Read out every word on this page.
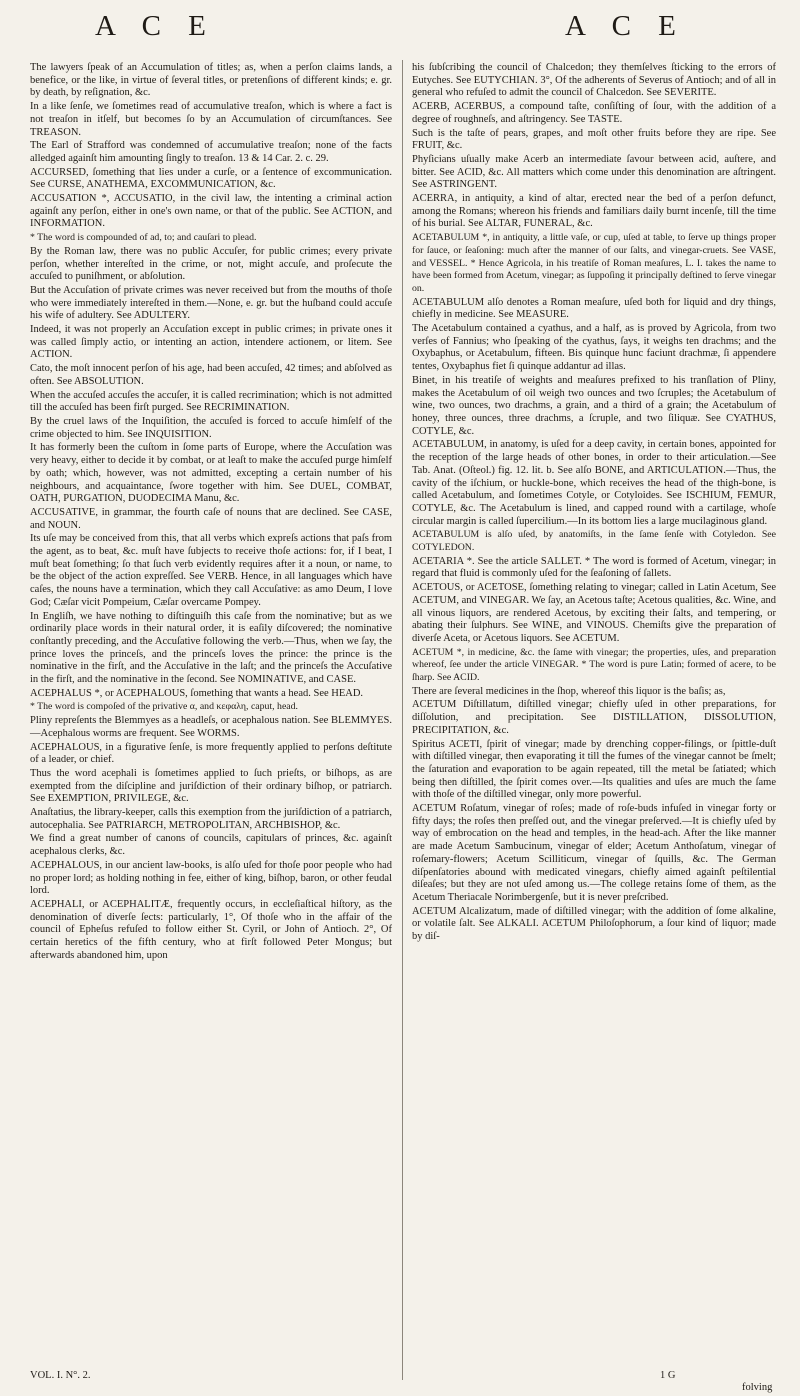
A C E	A C E

The lawyers ſpeak of an Accumulation of titles; as, when a perſon claims lands, a benefice, or the like, in virtue of ſeveral titles, or pretenſions of different kinds; e. gr. by death, by reſignation, &c.

In a like ſenſe, we ſometimes read of accumulative treaſon, which is where a fact is not treaſon in itſelf, but becomes ſo by an Accumulation of circumſtances. See TREASON.

The Earl of Strafford was condemned of accumulative treaſon; none of the facts alledged againſt him amounting ſingly to treaſon. 13 & 14 Car. 2. c. 29.

ACCURSED, ſomething that lies under a curſe, or a ſentence of excommunication. See CURSE, ANATHEMA, EXCOMMUNICATION, &c.

ACCUSATION *, ACCUSATIO, in the civil law, the intenting a criminal action againſt any perſon, either in one's own name, or that of the public. See ACTION, and INFORMATION.

* The word is compounded of ad, to; and cauſari to plead.

By the Roman law, there was no public Accuſer, for public crimes; every private perſon, whether intereſted in the crime, or not, might accuſe, and proſecute the accuſed to puniſhment, or abſolution.

But the Accuſation of private crimes was never received but from the mouths of thoſe who were immediately intereſted in them.—None, e. gr. but the huſband could accuſe his wife of adultery. See ADULTERY.

Indeed, it was not properly an Accuſation except in public crimes; in private ones it was called ſimply actio, or intenting an action, intendere actionem, or litem. See ACTION.

Cato, the moſt innocent perſon of his age, had been accuſed, 42 times; and abſolved as often. See ABSOLUTION.

When the accuſed accuſes the accuſer, it is called recrimination; which is not admitted till the accuſed has been firſt purged. See RECRIMINATION.

By the cruel laws of the Inquiſition, the accuſed is forced to accuſe himſelf of the crime objected to him. See INQUISITION.

It has formerly been the cuſtom in ſome parts of Europe, where the Accuſation was very heavy, either to decide it by combat, or at leaſt to make the accuſed purge himſelf by oath; which, however, was not admitted, excepting a certain number of his neighbours, and acquaintance, ſwore together with him. See DUEL, COMBAT, OATH, PURGATION, DUODECIMA Manu, &c.

ACCUSATIVE, in grammar, the fourth caſe of nouns that are declined. See CASE, and NOUN.

Its uſe may be conceived from this, that all verbs which expreſs actions that paſs from the agent, as to beat, &c. muſt have ſubjects to receive thoſe actions: for, if I beat, I muſt beat ſomething; ſo that ſuch verb evidently requires after it a noun, or name, to be the object of the action expreſſed. See VERB. Hence, in all languages which have caſes, the nouns have a termination, which they call Accuſative: as amo Deum, I love God; Cæſar vicit Pompeium, Cæſar overcame Pompey.

In Engliſh, we have nothing to diſtinguiſh this caſe from the nominative; but as we ordinarily place words in their natural order, it is eaſily diſcovered; the nominative conſtantly preceding, and the Accuſative following the verb.—Thus, when we ſay, the prince loves the princeſs, and the princeſs loves the prince: the prince is the nominative in the firſt, and the Accuſative in the laſt; and the princeſs the Accuſative in the firſt, and the nominative in the ſecond. See NOMINATIVE, and CASE.

ACEPHALUS *, or ACEPHALOUS, ſomething that wants a head. See HEAD.

* The word is compoſed of the privative α, and κεφαλη, caput, head.

Pliny repreſents the Blemmyes as a headleſs, or acephalous nation. See BLEMMYES.—Acephalous worms are frequent. See WORMS.

ACEPHALOUS, in a figurative ſenſe, is more frequently applied to perſons deſtitute of a leader, or chief.

Thus the word acephali is ſometimes applied to ſuch prieſts, or biſhops, as are exempted from the diſcipline and juriſdiction of their ordinary biſhop, or patriarch. See EXEMPTION, PRIVILEGE, &c.

Anaſtatius, the library-keeper, calls this exemption from the juriſdiction of a patriarch, autocephalia. See PATRIARCH, METROPOLITAN, ARCHBISHOP, &c.

We find a great number of canons of councils, capitulars of princes, &c. againſt acephalous clerks, &c.

ACEPHALOUS, in our ancient law-books, is alſo uſed for thoſe poor people who had no proper lord; as holding nothing in fee, either of king, biſhop, baron, or other feudal lord.

ACEPHALI, or ACEPHALITÆ, frequently occurs, in eccleſiaſtical hiſtory, as the denomination of diverſe ſects: particularly, 1°, Of thoſe who in the affair of the council of Epheſus refuſed to follow either St. Cyril, or John of Antioch. 2°, Of certain heretics of the fifth century, who at firſt followed Peter Mongus; but afterwards abandoned him, upon

his ſubſcribing the council of Chalcedon; they themſelves ſticking to the errors of Eutyches. See EUTYCHIAN. 3°, Of the adherents of Severus of Antioch; and of all in general who refuſed to admit the council of Chalcedon. See SEVERITE.

ACERB, ACERBUS, a compound taſte, conſiſting of ſour, with the addition of a degree of roughneſs, and aſtringency. See TASTE.

Such is the taſte of pears, grapes, and moſt other fruits before they are ripe. See FRUIT, &c.

Phyſicians uſually make Acerb an intermediate ſavour between acid, auſtere, and bitter. See ACID, &c. All matters which come under this denomination are aſtringent. See ASTRINGENT.

ACERRA, in antiquity, a kind of altar, erected near the bed of a perſon defunct, among the Romans; whereon his friends and familiars daily burnt incenſe, till the time of his burial. See ALTAR, FUNERAL, &c.

ACETABULUM *, in antiquity, a little vaſe, or cup, uſed at table, to ſerve up things proper for ſauce, or ſeaſoning: much after the manner of our ſalts, and vinegar-cruets. See VASE, and VESSEL. * Hence Agricola, in his treatiſe of Roman meaſures, L. I. takes the name to have been formed from Acetum, vinegar; as ſuppoſing it principally deſtined to ſerve vinegar on.

ACETABULUM alſo denotes a Roman meaſure, uſed both for liquid and dry things, chiefly in medicine. See MEASURE.

The Acetabulum contained a cyathus, and a half, as is proved by Agricola, from two verſes of Fannius; who ſpeaking of the cyathus, ſays, it weighs ten drachms; and the Oxybaphus, or Acetabulum, fifteen. Bis quinque hunc faciunt drachmæ, ſi appendere tentes, Oxybaphus fiet ſi quinque addantur ad illas.

Binet, in his treatiſe of weights and meaſures prefixed to his tranſlation of Pliny, makes the Acetabulum of oil weigh two ounces and two ſcruples; the Acetabulum of wine, two ounces, two drachms, a grain, and a third of a grain; the Acetabulum of honey, three ounces, three drachms, a ſcruple, and two ſiliquæ. See CYATHUS, COTYLE, &c.

ACETABULUM, in anatomy, is uſed for a deep cavity, in certain bones, appointed for the reception of the large heads of other bones, in order to their articulation.—See Tab. Anat. (Oſteol.) fig. 12. lit. b. See alſo BONE, and ARTICULATION.—Thus, the cavity of the iſchium, or huckle-bone, which receives the head of the thigh-bone, is called Acetabulum, and ſometimes Cotyle, or Cotyloides. See ISCHIUM, FEMUR, COTYLE, &c. The Acetabulum is lined, and capped round with a cartilage, whoſe circular margin is called ſupercilium.—In its bottom lies a large mucilaginous gland.

ACETABULUM is alſo uſed, by anatomiſts, in the ſame ſenſe with Cotyledon. See COTYLEDON.

ACETARIA *. See the article SALLET. * The word is formed of Acetum, vinegar; in regard that fluid is commonly uſed for the ſeaſoning of ſallets.

ACETOUS, or ACETOSE, ſomething relating to vinegar; called in Latin Acetum, See ACETUM, and VINEGAR. We ſay, an Acetous taſte; Acetous qualities, &c. Wine, and all vinous liquors, are rendered Acetous, by exciting their ſalts, and tempering, or abating their ſulphurs. See WINE, and VINOUS. Chemiſts give the preparation of diverſe Aceta, or Acetous liquors. See ACETUM.

ACETUM *, in medicine, &c. the ſame with vinegar; the properties, uſes, and preparation whereof, ſee under the article VINEGAR. * The word is pure Latin; formed of acere, to be ſharp. See ACID.

There are ſeveral medicines in the ſhop, whereof this liquor is the baſis; as,

ACETUM Diſtillatum, diſtilled vinegar; chiefly uſed in other preparations, for diſſolution, and precipitation. See DISTILLATION, DISSOLUTION, PRECIPITATION, &c.

Spiritus ACETI, ſpirit of vinegar; made by drenching copper-filings, or ſpittle-duſt with diſtilled vinegar, then evaporating it till the fumes of the vinegar cannot be ſmelt; the ſaturation and evaporation to be again repeated, till the metal be ſatiated; which being then diſtilled, the ſpirit comes over.—Its qualities and uſes are much the ſame with thoſe of the diſtilled vinegar, only more powerful.

ACETUM Roſatum, vinegar of roſes; made of roſe-buds infuſed in vinegar forty or fifty days; the roſes then preſſed out, and the vinegar preſerved.—It is chiefly uſed by way of embrocation on the head and temples, in the head-ach. After the like manner are made Acetum Sambucinum, vinegar of elder; Acetum Anthoſatum, vinegar of roſemary-flowers; Acetum Scilliticum, vinegar of ſquills, &c. The German diſpenſatories abound with medicated vinegars, chiefly aimed againſt peſtilential diſeaſes; but they are not uſed among us.—The college retains ſome of them, as the Acetum Theriacale Norimbergenſe, but it is never preſcribed.

ACETUM Alcalizatum, made of diſtilled vinegar; with the addition of ſome alkaline, or volatile ſalt. See ALKALI. ACETUM Philoſophorum, a ſour kind of liquor; made by diſ-

VOL. I. N°. 2.	1 G
folving
